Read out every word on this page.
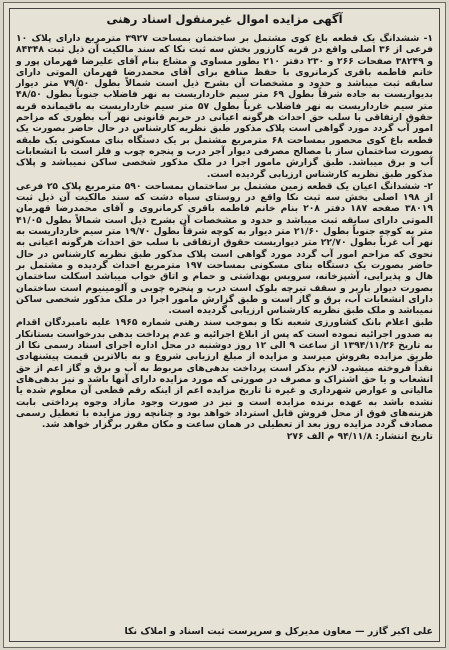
آگهی مزایده اموال غیرمنقول اسناد رهنی

۱- ششدانگ یک قطعه باغ کوی مشتمل بر ساختمان بمساحت ۳۹۲۷ مترمربع دارای پلاک ۱۰ فرعی از ۳۶ اصلی واقع در قریه کارزور بخش سه ثبت نکا که سند مالکیت آن ذیل ثبت ۸۴۳۴۸ و ۳۸۲۴۹ صفحات ۲۶۶ و ۲۳۰ دفتر ۲۱۰ بطور مساوی و مشاع بنام آقای علیرضا قهرمان پور و خانم فاطمه باقری کرمانروی با حفظ منافع برای آقای محمدرضا قهرمان الموتی دارای سابقه ثبت میباشد و حدود و مشخصات آن بشرح ذیل است شمالاً بطول ۷۹/۵۰ متر دیوار بدیواریست به جاده شرقاً بطول ۶۹ متر سیم خارداریست به نهر فاضلاب جنوباً بطول ۴۸/۵۰ متر سیم خارداریست به نهر فاضلاب غرباً بطول ۵۷ متر سیم خارداریست به باقیمانده قریه حقوق ارتفاقی با سلب حق احداث هرگونه اعیانی در حریم قانونی نهر آب بطوری که مزاحم امور آب گردد مورد گواهی است پلاک مذکور طبق نظریه کارشناس در حال حاضر بصورت یک قطعه باغ کوی محصور بمساحت ۶۸ مترمربع مشتمل بر یک دستگاه بنای مسکونی یک طبقه بصورت ساختمان ساز با مصالح مصرفی دیوار آجر درب و پنجره چوب و فلز است با انشعابات آب و برق میباشد. طبق گزارش مامور اجرا در ملک مذکور شخصی ساکن نمیباشد و پلاک مذکور طبق نظریه کارشناس ارزیابی گردیده است.

۲- ششدانگ اعیان یک قطعه زمین مشتمل بر ساختمان بمساحت ۵۹۰ مترمربع پلاک ۲۵ فرعی از ۱۹۸ اصلی بخش سه ثبت نکا واقع در روستای سیاه دشت که سند مالکیت آن ذیل ثبت ۳۸۰۱۹ صفحه ۱۸۷ دفتر ۲۰۸ بنام خانم فاطمه باقری کرمانروی و آقای محمدرضا قهرمان الموتی دارای سابقه ثبت میباشد و حدود و مشخصات آن بشرح ذیل است شمالاً بطول ۴۱/۰۵ متر به کوچه جنوباً بطول ۲۱/۶۰ متر دیوار به کوچه شرقاً بطول ۱۹/۷۰ متر سیم خارداریست به نهر آب غرباً بطول ۲۲/۷۰ متر دیواریست حقوق ارتفاقی با سلب حق احداث هرگونه اعیانی به نحوی که مزاحم امور آب گردد مورد گواهی است پلاک مذکور طبق نظریه کارشناس در حال حاضر بصورت یک دستگاه بنای مسکونی بمساحت ۱۹۷ مترمربع احداث گردیده و مشتمل بر هال و پذیرایی، آشپزخانه، سرویس بهداشتی و حمام و اتاق خواب میباشد اسکلت ساختمان بصورت دیوار باربر و سقف تیرچه بلوک است درب و پنجره چوبی و آلومینیوم است ساختمان دارای انشعابات آب، برق و گاز است و طبق گزارش مامور اجرا در ملک مذکور شخصی ساکن نمیباشد و ملک طبق نظریه کارشناس ارزیابی گردیده است.

طبق اعلام بانک کشاورزی شعبه نکا و بموجب سند رهنی شماره ۱۹۶۵ علیه نامبردگان اقدام به صدور اجرائیه نموده است که پس از ابلاغ اجرائیه و عدم پرداخت بدهی بدرخواست بستانکار به تاریخ ۱۳۹۴/۱۱/۲۶ از ساعت ۹ الی ۱۲ روز دوشنبه در محل اداره اجرای اسناد رسمی نکا از طریق مزایده بفروش میرسد و مزایده از مبلغ ارزیابی شروع و به بالاترین قیمت پیشنهادی نقداً فروخته میشود. لازم بذکر است پرداخت بدهی‌های مربوط به آب و برق و گاز اعم از حق انشعاب و یا حق اشتراک و مصرف در صورتی که مورد مزایده دارای آنها باشد و نیز بدهی‌های مالیاتی و عوارض شهرداری و غیره تا تاریخ مزایده اعم از اینکه رقم قطعی آن معلوم شده یا نشده باشد به عهده برنده مزایده است و نیز در صورت وجود مازاد وجوه پرداختی بابت هزینه‌های فوق از محل فروش قابل استرداد خواهد بود و چنانچه روز مزایده با تعطیل رسمی مصادف گردد مزایده روز بعد از تعطیلی در همان ساعت و مکان مقرر برگزار خواهد شد.

تاریخ انتشار: ۹۴/۱۱/۸ م الف ۲۷۶

علی اکبر گازر — معاون مدیرکل و سرپرست ثبت اسناد و املاک نکا
